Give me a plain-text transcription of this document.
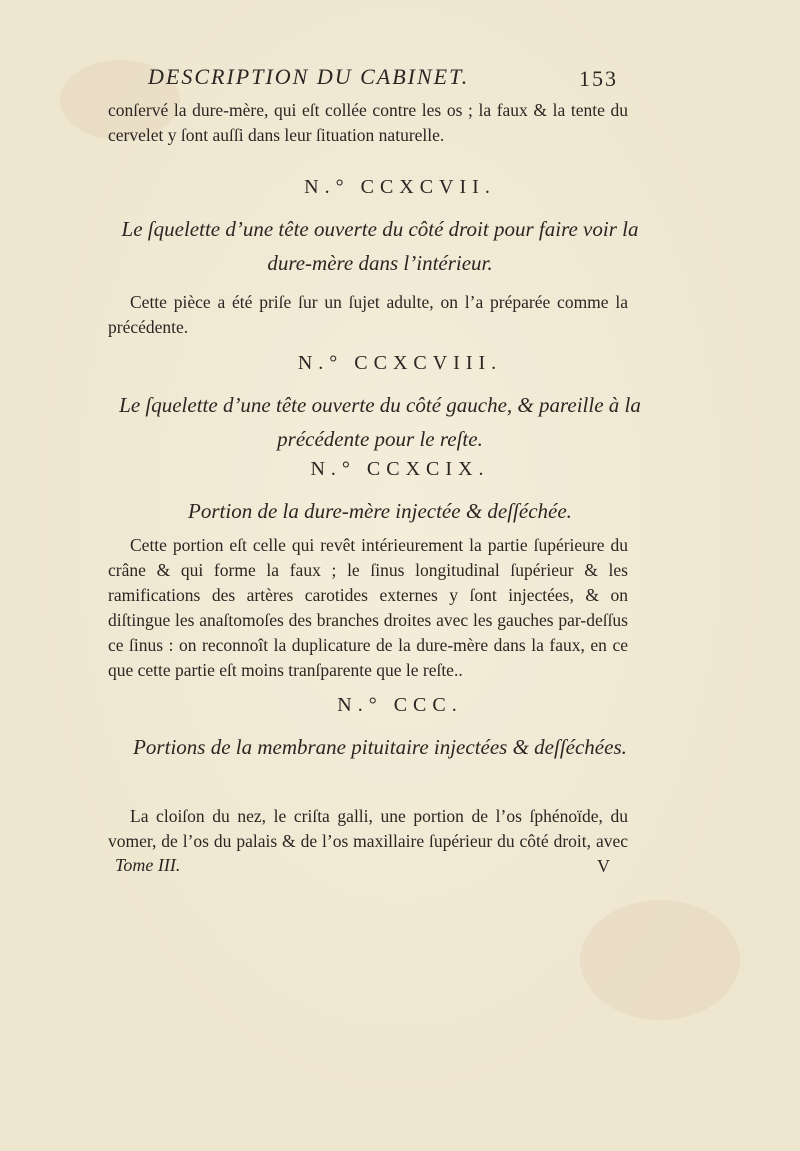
DESCRIPTION DU CABINET.	153
conſervé la dure-mère, qui eſt collée contre les os ; la faux & la tente du cervelet y ſont auſſi dans leur ſituation naturelle.
N.° CCXCVII.
Le ſquelette d’une tête ouverte du côté droit pour faire voir la dure-mère dans l’intérieur.
Cette pièce a été priſe ſur un ſujet adulte, on l’a préparée comme la précédente.
N.° CCXCVIII.
Le ſquelette d’une tête ouverte du côté gauche, & pareille à la précédente pour le reſte.
N.° CCXCIX.
Portion de la dure-mère injectée & deſſéchée.
Cette portion eſt celle qui revêt intérieurement la partie ſupérieure du crâne & qui forme la faux ; le ſinus longitudinal ſupérieur & les ramifications des artères carotides externes y ſont injectées, & on diſtingue les anaſtomoſes des branches droites avec les gauches par-deſſus ce ſinus : on reconnoît la duplicature de la dure-mère dans la faux, en ce que cette partie eſt moins tranſparente que le reſte..
N.° CCC.
Portions de la membrane pituitaire injectées & deſſéchées.
La cloiſon du nez, le criſta galli, une portion de l’os ſphénoïde, du vomer, de l’os du palais & de l’os maxillaire ſupérieur du côté droit, avec
Tome III.	V
